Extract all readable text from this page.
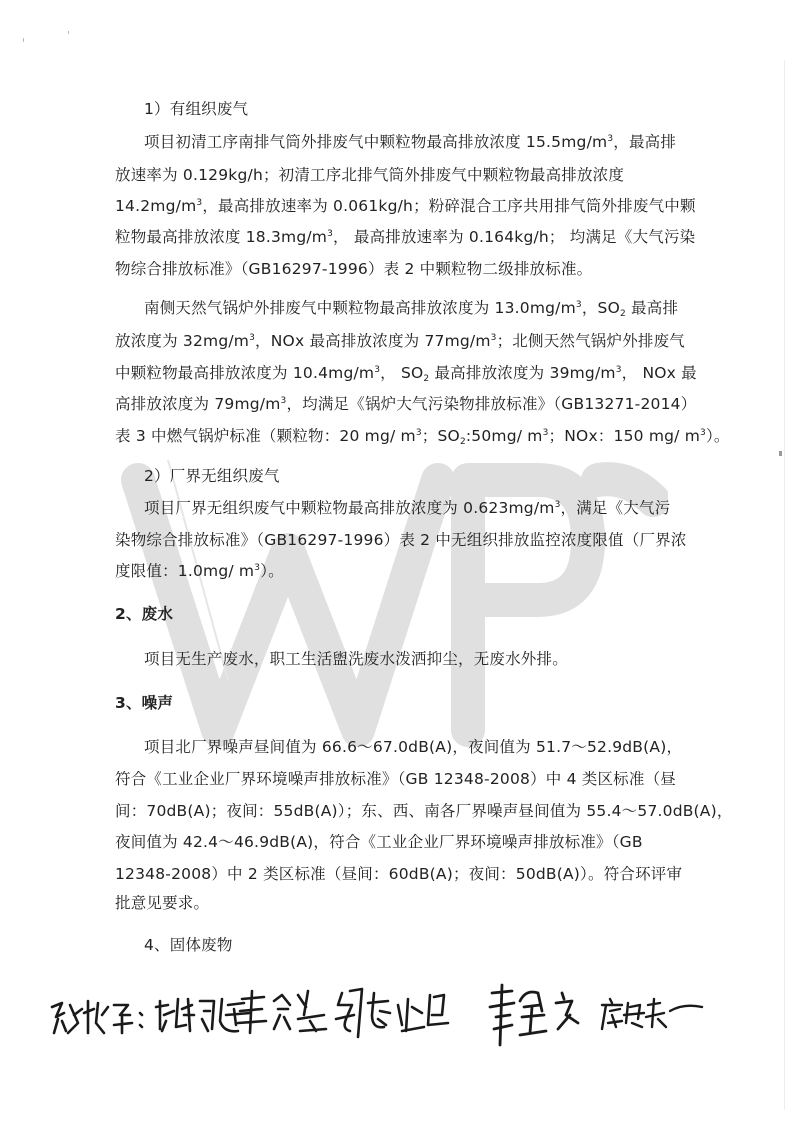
1）有组织废气
项目初清工序南排气筒外排废气中颗粒物最高排放浓度 $15.5mg/m^3$，最高排
放速率为 0.129kg/h；初清工序北排气筒外排废气中颗粒物最高排放浓度
$14.2mg/m^3$，最高排放速率为 0.061kg/h；粉碎混合工序共用排气筒外排废气中颗
粒物最高排放浓度 $18.3mg/m^3$， 最高排放速率为 0.164kg/h； 均满足《大气污染
物综合排放标准》（GB16297-1996）表 2 中颗粒物二级排放标准。
南侧天然气锅炉外排废气中颗粒物最高排放浓度为 $13.0mg/m^3$，$SO_2$ 最高排
放浓度为 $32mg/m^3$，NOx 最高排放浓度为 $77mg/m^3$；北侧天然气锅炉外排废气
中颗粒物最高排放浓度为 $10.4mg/m^3$， $SO_2$ 最高排放浓度为 $39mg/m^3$， NOx 最
高排放浓度为 $79mg/m^3$，均满足《锅炉大气污染物排放标准》（GB13271-2014）
表 3 中燃气锅炉标准（颗粒物：20 mg/ $m^3$；$SO_2:50mg/$ $m^3$；NOx：150 mg/ $m^3$）。
2）厂界无组织废气
项目厂界无组织废气中颗粒物最高排放浓度为 $0.623mg/m^3$，满足《大气污
染物综合排放标准》（GB16297-1996）表 2 中无组织排放监控浓度限值（厂界浓
度限值：1.0mg/ $m^3$）。
2、废水
项目无生产废水，职工生活盥洗废水泼洒抑尘，无废水外排。
3、噪声
项目北厂界噪声昼间值为 66.6～67.0dB(A)，夜间值为 51.7～52.9dB(A)，
符合《工业企业厂界环境噪声排放标准》（GB 12348-2008）中 4 类区标准（昼
间：70dB(A)；夜间：55dB(A)）；东、西、南各厂界噪声昼间值为 55.4～57.0dB(A)，
夜间值为 42.4～46.9dB(A)，符合《工业企业厂界环境噪声排放标准》（GB
12348-2008）中 2 类区标准（昼间：60dB(A)；夜间：50dB(A)）。符合环评审
批意见要求。
4、固体废物
